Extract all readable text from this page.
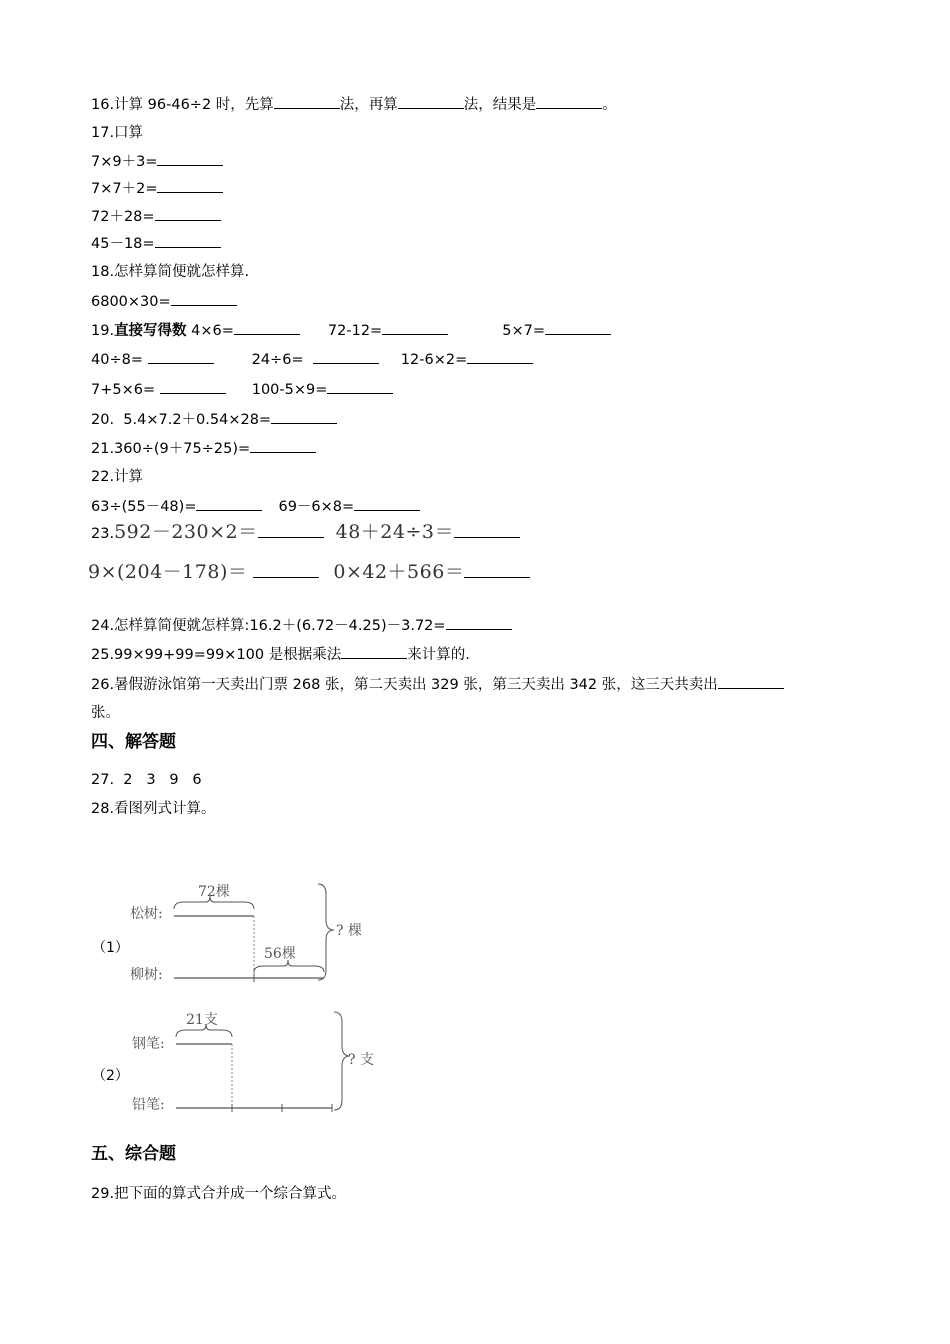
16.计算 96-46÷2 时，先算	法，再算	法，结果是	。
17.口算
7×9＋3=
7×7＋2=
72＋28=
45－18=
18.怎样算简便就怎样算.
6800×30=
19.直接写得数 4×6=	72-12=	5×7=
40÷8=	24÷6=	12-6×2=
7+5×6=	100-5×9=
20.  5.4×7.2＋0.54×28=
21.360÷(9＋75÷25)=
22.计算
63÷(55－48)=	69－6×8=
23.592－230×2＝	48＋24÷3＝
9×(204－178)＝	0×42＋566＝
24.怎样算简便就怎样算:16.2＋(6.72－4.25)－3.72=
25.99×99+99=99×100 是根据乘法	来计算的.
26.暑假游泳馆第一天卖出门票 268 张，第二天卖出 329 张，第三天卖出 342 张，这三天共卖出
张。
四、解答题
27.  2   3   9   6
28.看图列式计算。
（1）
松树:
柳树:
72棵
56棵
? 棵
（2）
钢笔:
铅笔:
21支
? 支
五、综合题
29.把下面的算式合并成一个综合算式。
